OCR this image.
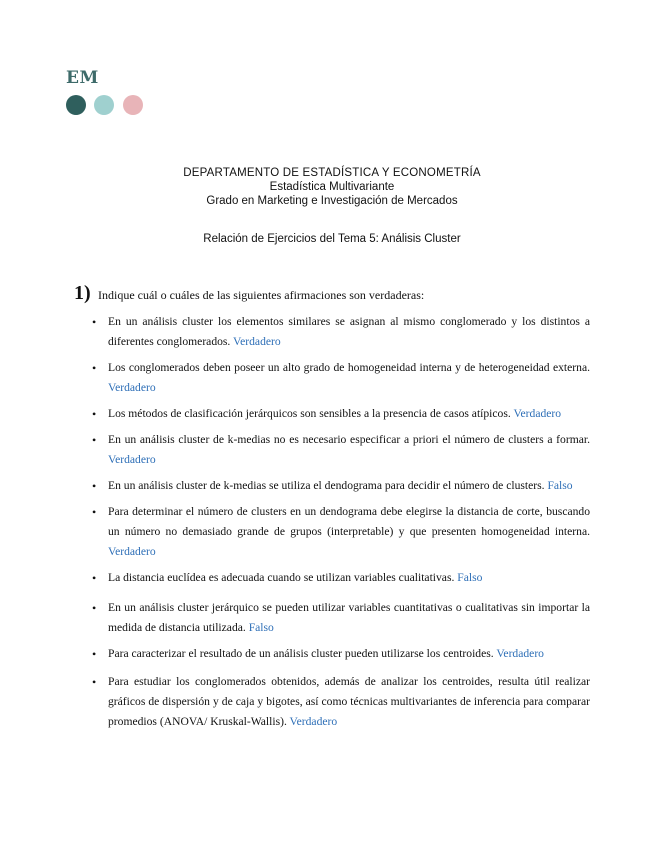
EM
DEPARTAMENTO DE ESTADÍSTICA Y ECONOMETRÍA
Estadística Multivariante
Grado en Marketing e Investigación de Mercados
Relación de Ejercicios del Tema 5: Análisis Cluster
1) Indique cuál o cuáles de las siguientes afirmaciones son verdaderas:
• En un análisis cluster los elementos similares se asignan al mismo conglomerado y los distintos a diferentes conglomerados. Verdadero
• Los conglomerados deben poseer un alto grado de homogeneidad interna y de heterogeneidad externa. Verdadero
• Los métodos de clasificación jerárquicos son sensibles a la presencia de casos atípicos. Verdadero
• En un análisis cluster de k-medias no es necesario especificar a priori el número de clusters a formar. Verdadero
• En un análisis cluster de k-medias se utiliza el dendograma para decidir el número de clusters. Falso
• Para determinar el número de clusters en un dendograma debe elegirse la distancia de corte, buscando un número no demasiado grande de grupos (interpretable) y que presenten homogeneidad interna. Verdadero
• La distancia euclídea es adecuada cuando se utilizan variables cualitativas. Falso
• En un análisis cluster jerárquico se pueden utilizar variables cuantitativas o cualitativas sin importar la medida de distancia utilizada. Falso
• Para caracterizar el resultado de un análisis cluster pueden utilizarse los centroides. Verdadero
• Para estudiar los conglomerados obtenidos, además de analizar los centroides, resulta útil realizar gráficos de dispersión y de caja y bigotes, así como técnicas multivariantes de inferencia para comparar promedios (ANOVA/ Kruskal-Wallis). Verdadero
